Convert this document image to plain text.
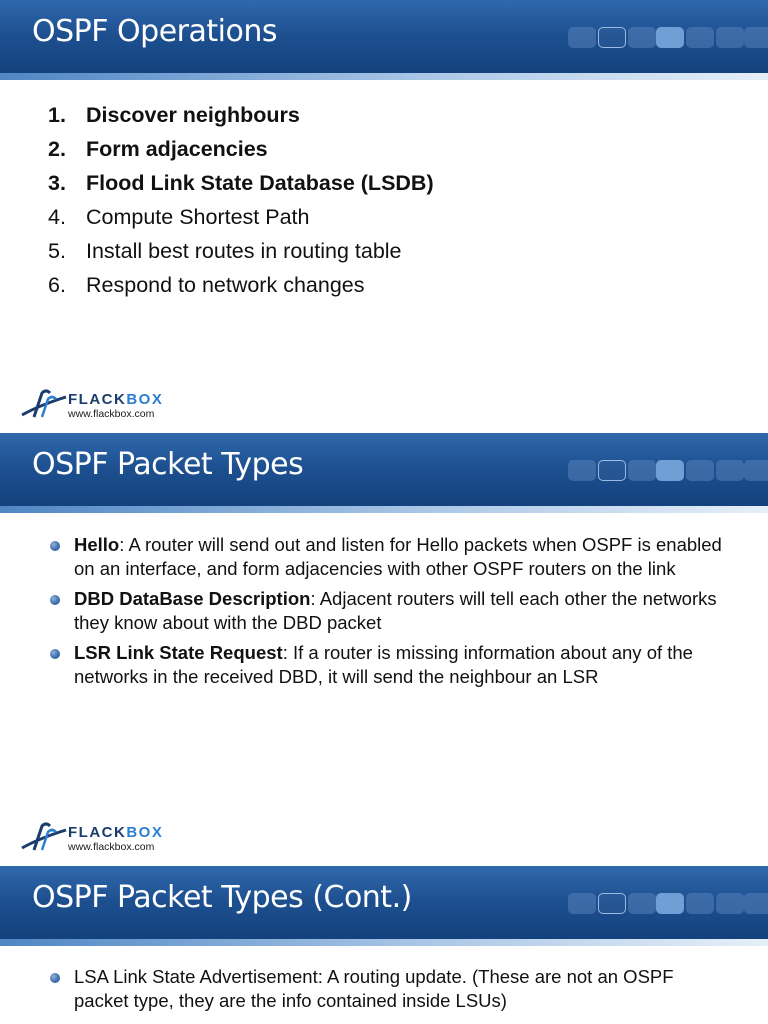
OSPF Operations
1. Discover neighbours
2. Form adjacencies
3. Flood Link State Database (LSDB)
4. Compute Shortest Path
5. Install best routes in routing table
6. Respond to network changes
FLACKBOX
www.flackbox.com
OSPF Packet Types
FLACKBOX
www.flackbox.com
Hello: A router will send out and listen for Hello packets when OSPF is enabled on an interface, and form adjacencies with other OSPF routers on the link
DBD DataBase Description: Adjacent routers will tell each other the networks they know about with the DBD packet
LSR Link State Request: If a router is missing information about any of the networks in the received DBD, it will send the neighbour an LSR
OSPF Packet Types (Cont.)
LSA Link State Advertisement: A routing update. (These are not an OSPF packet type, they are the info contained inside LSUs)
